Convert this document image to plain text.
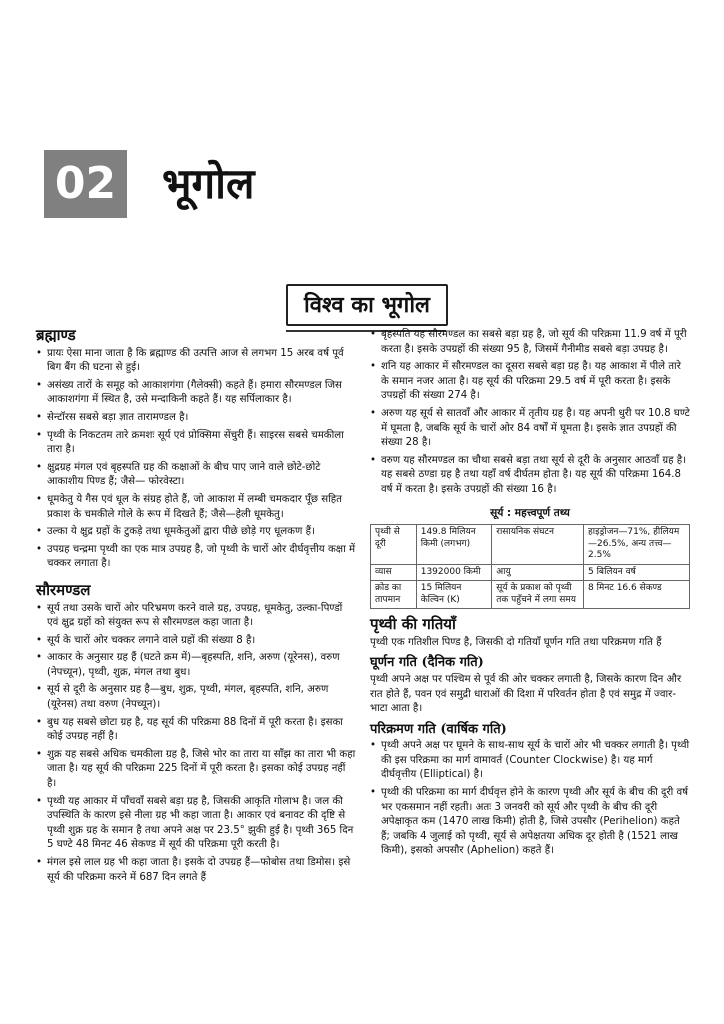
02 भूगोल
विश्व का भूगोल
ब्रह्माण्ड
• प्रायः ऐसा माना जाता है कि ब्रह्माण्ड की उत्पत्ति आज से लगभग 15 अरब वर्ष पूर्व बिग बैंग की घटना से हुई।
• असंख्य तारों के समूह को आकाशगंगा (गैलेक्सी) कहते हैं। हमारा सौरमण्डल जिस आकाशगंगा में स्थित है, उसे मन्दाकिनी कहते हैं। यह सर्पिलाकार है।
• सेन्टॉरस सबसे बड़ा ज्ञात तारामण्डल है।
• पृथ्वी के निकटतम तारे क्रमशः सूर्य एवं प्रोक्सिमा सेंचुरी हैं। साइरस सबसे चमकीला तारा है।
• क्षुद्रग्रह मंगल एवं बृहस्पति ग्रह की कक्षाओं के बीच पाए जाने वाले छोटे-छोटे आकाशीय पिण्ड हैं; जैसे— फोरवेस्टा।
• धूमकेतु ये गैस एवं धूल के संग्रह होते हैं, जो आकाश में लम्बी चमकदार पूँछ सहित प्रकाश के चमकीले गोले के रूप में दिखते हैं; जैसे—हेली धूमकेतु।
• उल्का ये क्षुद्र ग्रहों के टुकड़े तथा धूमकेतुओं द्वारा पीछे छोड़े गए धूलकण हैं।
• उपग्रह चन्द्रमा पृथ्वी का एक मात्र उपग्रह है, जो पृथ्वी के चारों ओर दीर्घवृत्तीय कक्षा में चक्कर लगाता है।
सौरमण्डल
• सूर्य तथा उसके चारों ओर परिभ्रमण करने वाले ग्रह, उपग्रह, धूमकेतु, उल्का-पिण्डों एवं क्षुद्र ग्रहों को संयुक्त रूप से सौरमण्डल कहा जाता है।
• सूर्य के चारों ओर चक्कर लगाने वाले ग्रहों की संख्या 8 है।
• आकार के अनुसार ग्रह हैं (घटते क्रम में)—बृहस्पति, शनि, अरुण (यूरेनस), वरुण (नेपच्यून), पृथ्वी, शुक्र, मंगल तथा बुध।
• सूर्य से दूरी के अनुसार ग्रह है—बुध, शुक्र, पृथ्वी, मंगल, बृहस्पति, शनि, अरुण (यूरेनस) तथा वरुण (नेपच्यून)।
• बुध यह सबसे छोटा ग्रह है, यह सूर्य की परिक्रमा 88 दिनों में पूरी करता है। इसका कोई उपग्रह नहीं है।
• शुक्र यह सबसे अधिक चमकीला ग्रह है, जिसे भोर का तारा या साँझ का तारा भी कहा जाता है। यह सूर्य की परिक्रमा 225 दिनों में पूरी करता है। इसका कोई उपग्रह नहीं है।
• पृथ्वी यह आकार में पाँचवाँ सबसे बड़ा ग्रह है, जिसकी आकृति गोलाभ है। जल की उपस्थिति के कारण इसे नीला ग्रह भी कहा जाता है। आकार एवं बनावट की दृष्टि से पृथ्वी शुक्र ग्रह के समान है तथा अपने अक्ष पर 23.5° झुकी हुई है। पृथ्वी 365 दिन 5 घण्टे 48 मिनट 46 सेकण्ड में सूर्य की परिक्रमा पूरी करती है।
• मंगल इसे लाल ग्रह भी कहा जाता है। इसके दो उपग्रह हैं—फोबोस तथा डिमोस। इसे सूर्य की परिक्रमा करने में 687 दिन लगते हैं
• बृहस्पति यह सौरमण्डल का सबसे बड़ा ग्रह है, जो सूर्य की परिक्रमा 11.9 वर्ष में पूरी करता है। इसके उपग्रहों की संख्या 95 है, जिसमें गैनीमीड सबसे बड़ा उपग्रह है।
• शनि यह आकार में सौरमण्डल का दूसरा सबसे बड़ा ग्रह है। यह आकाश में पीले तारे के समान नजर आता है। यह सूर्य की परिक्रमा 29.5 वर्ष में पूरी करता है। इसके उपग्रहों की संख्या 274 है।
• अरुण यह सूर्य से सातवाँ और आकार में तृतीय ग्रह है। यह अपनी धुरी पर 10.8 घण्टे में घूमता है, जबकि सूर्य के चारों ओर 84 वर्षों में घूमता है। इसके ज्ञात उपग्रहों की संख्या 28 है।
• वरुण यह सौरमण्डल का चौथा सबसे बड़ा तथा सूर्य से दूरी के अनुसार आठवाँ ग्रह है। यह सबसे ठण्डा ग्रह है तथा यहाँ वर्ष दीर्घतम होता है। यह सूर्य की परिक्रमा 164.8 वर्ष में करता है। इसके उपग्रहों की संख्या 16 है।
सूर्य : महत्त्वपूर्ण तथ्य
पृथ्वी से दूरी	149.8 मिलियन किमी (लगभग)	रासायनिक संघटन	हाइड्रोजन—71%, हीलियम—26.5%, अन्य तत्त्व—2.5%
व्यास	1392000 किमी	आयु	5 बिलियन वर्ष
क्रोड का तापमान	15 मिलियन केल्विन (K)	सूर्य के प्रकाश को पृथ्वी तक पहुँचने में लगा समय	8 मिनट 16.6 सेकण्ड
पृथ्वी की गतियाँ

पृथ्वी एक गतिशील पिण्ड है, जिसकी दो गतियाँ घूर्णन गति तथा परिक्रमण गति हैं

घूर्णन गति (दैनिक गति)

पृथ्वी अपने अक्ष पर पश्चिम से पूर्व की ओर चक्कर लगाती है, जिसके कारण दिन और रात होते हैं, पवन एवं समुद्री धाराओं की दिशा में परिवर्तन होता है एवं समुद्र में ज्वार-भाटा आता है।

परिक्रमण गति (वार्षिक गति)
• पृथ्वी अपने अक्ष पर घूमने के साथ-साथ सूर्य के चारों ओर भी चक्कर लगाती है। पृथ्वी की इस परिक्रमा का मार्ग वामावर्त (Counter Clockwise) है। यह मार्ग दीर्घवृत्तीय (Elliptical) है।
• पृथ्वी की परिक्रमा का मार्ग दीर्घवृत्त होने के कारण पृथ्वी और सूर्य के बीच की दूरी वर्ष भर एकसमान नहीं रहती। अतः 3 जनवरी को सूर्य और पृथ्वी के बीच की दूरी अपेक्षाकृत कम (1470 लाख किमी) होती है, जिसे उपसौर (Perihelion) कहते हैं; जबकि 4 जुलाई को पृथ्वी, सूर्य से अपेक्षतया अधिक दूर होती है (1521 लाख किमी), इसको अपसौर (Aphelion) कहते हैं।
